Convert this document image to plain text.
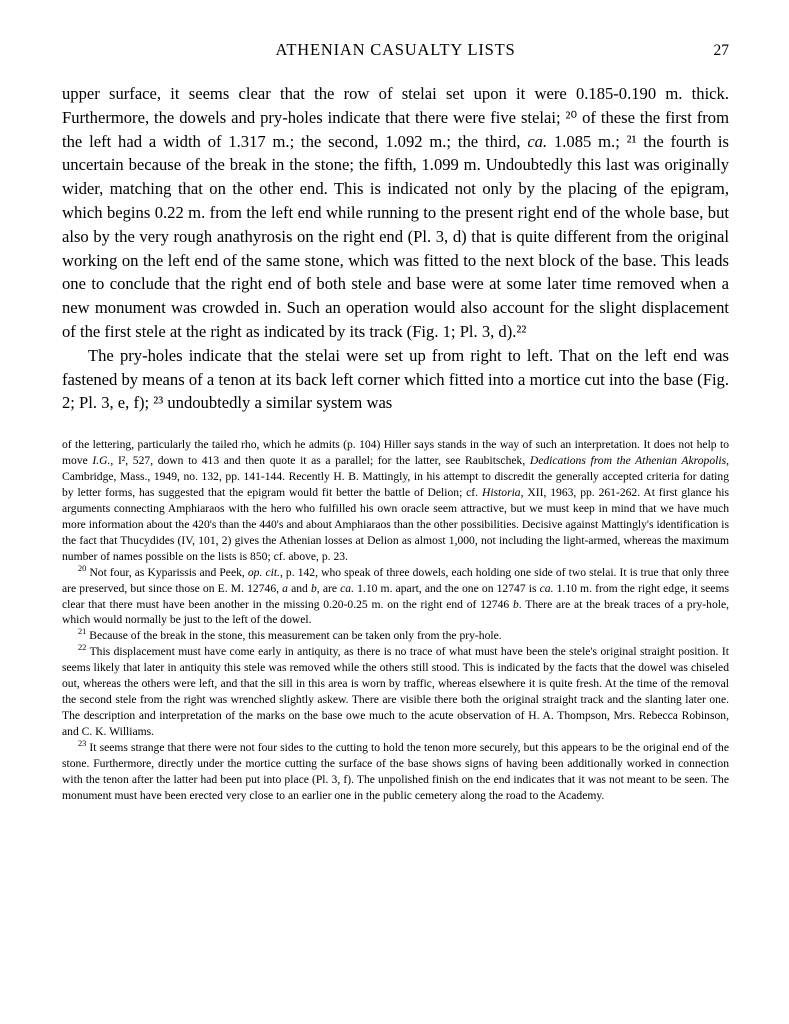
ATHENIAN CASUALTY LISTS	27

upper surface, it seems clear that the row of stelai set upon it were 0.185-0.190 m. thick. Furthermore, the dowels and pry-holes indicate that there were five stelai; ²⁰ of these the first from the left had a width of 1.317 m.; the second, 1.092 m.; the third, ca. 1.085 m.; ²¹ the fourth is uncertain because of the break in the stone; the fifth, 1.099 m. Undoubtedly this last was originally wider, matching that on the other end. This is indicated not only by the placing of the epigram, which begins 0.22 m. from the left end while running to the present right end of the whole base, but also by the very rough anathyrosis on the right end (Pl. 3, d) that is quite different from the original working on the left end of the same stone, which was fitted to the next block of the base. This leads one to conclude that the right end of both stele and base were at some later time removed when a new monument was crowded in. Such an operation would also account for the slight displacement of the first stele at the right as indicated by its track (Fig. 1; Pl. 3, d).²²

The pry-holes indicate that the stelai were set up from right to left. That on the left end was fastened by means of a tenon at its back left corner which fitted into a mortice cut into the base (Fig. 2; Pl. 3, e, f); ²³ undoubtedly a similar system was

of the lettering, particularly the tailed rho, which he admits (p. 104) Hiller says stands in the way of such an interpretation. It does not help to move I.G., I², 527, down to 413 and then quote it as a parallel; for the latter, see Raubitschek, Dedications from the Athenian Akropolis, Cambridge, Mass., 1949, no. 132, pp. 141-144. Recently H. B. Mattingly, in his attempt to discredit the generally accepted criteria for dating by letter forms, has suggested that the epigram would fit better the battle of Delion; cf. Historia, XII, 1963, pp. 261-262. At first glance his arguments connecting Amphiaraos with the hero who fulfilled his own oracle seem attractive, but we must keep in mind that we have much more information about the 420's than the 440's and about Amphiaraos than the other possibilities. Decisive against Mattingly's identification is the fact that Thucydides (IV, 101, 2) gives the Athenian losses at Delion as almost 1,000, not including the light-armed, whereas the maximum number of names possible on the lists is 850; cf. above, p. 23.

$^{20}$ Not four, as Kyparissis and Peek, op. cit., p. 142, who speak of three dowels, each holding one side of two stelai. It is true that only three are preserved, but since those on E. M. 12746, a and b, are ca. 1.10 m. apart, and the one on 12747 is ca. 1.10 m. from the right edge, it seems clear that there must have been another in the missing 0.20-0.25 m. on the right end of 12746 b. There are at the break traces of a pry-hole, which would normally be just to the left of the dowel.

$^{21}$ Because of the break in the stone, this measurement can be taken only from the pry-hole.

$^{22}$ This displacement must have come early in antiquity, as there is no trace of what must have been the stele's original straight position. It seems likely that later in antiquity this stele was removed while the others still stood. This is indicated by the facts that the dowel was chiseled out, whereas the others were left, and that the sill in this area is worn by traffic, whereas elsewhere it is quite fresh. At the time of the removal the second stele from the right was wrenched slightly askew. There are visible there both the original straight track and the slanting later one. The description and interpretation of the marks on the base owe much to the acute observation of H. A. Thompson, Mrs. Rebecca Robinson, and C. K. Williams.

$^{23}$ It seems strange that there were not four sides to the cutting to hold the tenon more securely, but this appears to be the original end of the stone. Furthermore, directly under the mortice cutting the surface of the base shows signs of having been additionally worked in connection with the tenon after the latter had been put into place (Pl. 3, f). The unpolished finish on the end indicates that it was not meant to be seen. The monument must have been erected very close to an earlier one in the public cemetery along the road to the Academy.
